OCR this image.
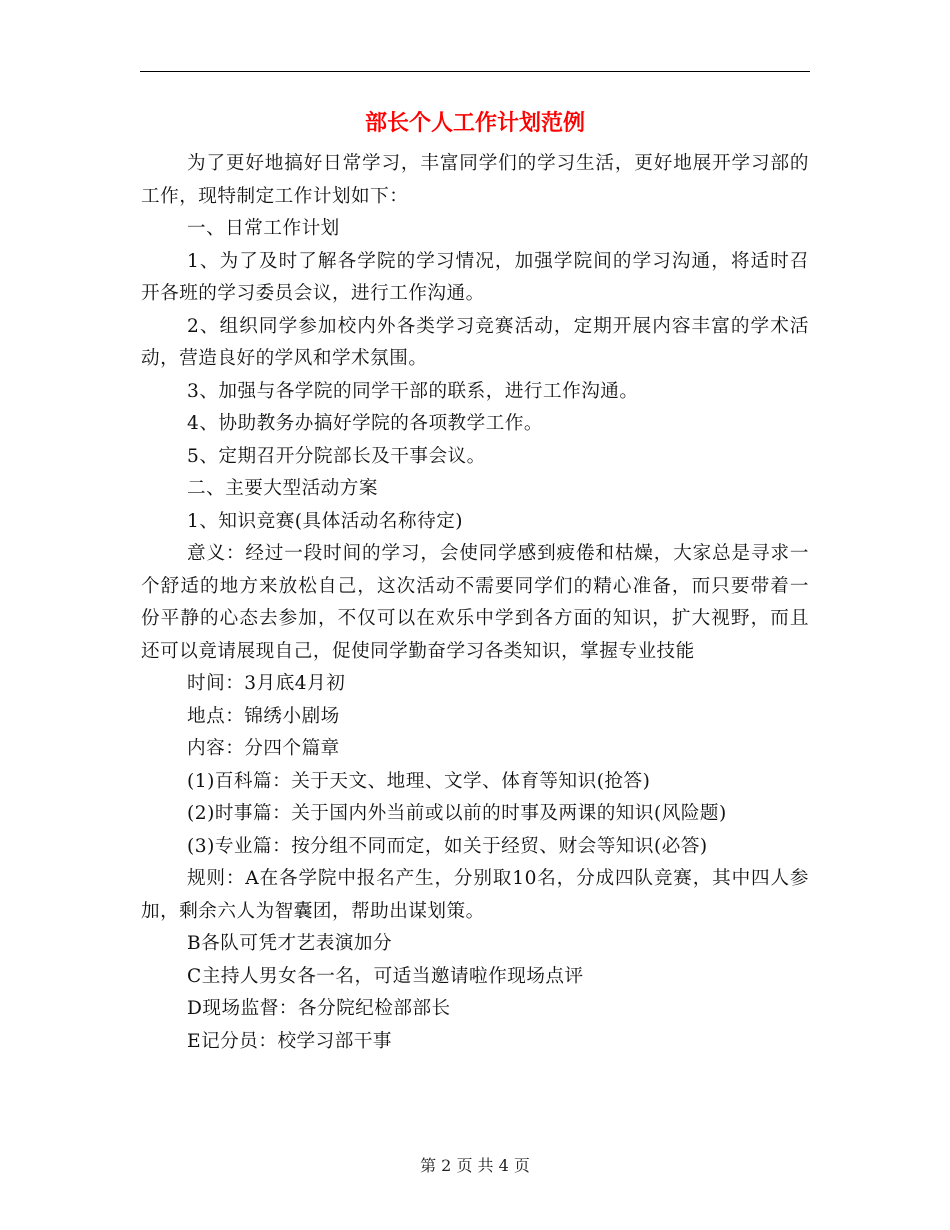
部长个人工作计划范例

为了更好地搞好日常学习，丰富同学们的学习生活，更好地展开学习部的工作，现特制定工作计划如下：

一、日常工作计划

1、为了及时了解各学院的学习情况，加强学院间的学习沟通，将适时召开各班的学习委员会议，进行工作沟通。

2、组织同学参加校内外各类学习竞赛活动，定期开展内容丰富的学术活动，营造良好的学风和学术氛围。

3、加强与各学院的同学干部的联系，进行工作沟通。

4、协助教务办搞好学院的各项教学工作。

5、定期召开分院部长及干事会议。

二、主要大型活动方案

1、知识竞赛(具体活动名称待定)

意义：经过一段时间的学习，会使同学感到疲倦和枯燥，大家总是寻求一个舒适的地方来放松自己，这次活动不需要同学们的精心准备，而只要带着一份平静的心态去参加，不仅可以在欢乐中学到各方面的知识，扩大视野，而且还可以竟请展现自己，促使同学勤奋学习各类知识，掌握专业技能

时间：3月底4月初

地点：锦绣小剧场

内容：分四个篇章

(1)百科篇：关于天文、地理、文学、体育等知识(抢答)

(2)时事篇：关于国内外当前或以前的时事及两课的知识(风险题)

(3)专业篇：按分组不同而定，如关于经贸、财会等知识(必答)

规则：A在各学院中报名产生，分别取10名，分成四队竞赛，其中四人参加，剩余六人为智囊团，帮助出谋划策。

B各队可凭才艺表演加分

C主持人男女各一名，可适当邀请啦作现场点评

D现场监督：各分院纪检部部长

E记分员：校学习部干事

第 2 页 共 4 页
